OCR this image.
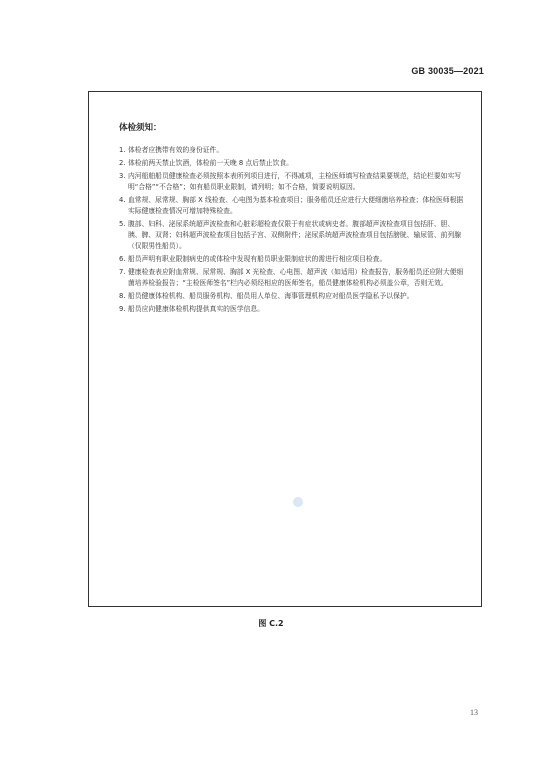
GB 30035—2021
体检须知：
1. 体检者应携带有效的身份证件。
2. 体检前两天禁止饮酒，体检前一天晚 8 点后禁止饮食。
3. 内河船舶船员健康检查必须按照本表所列项目进行，不得减项，主检医师填写检查结果要规范，结论栏要如实写明“合格”“不合格”；如有船员职业限制，请列明；如不合格，简要说明原因。
4. 血常规、尿常规、胸部 X 线检查、心电图为基本检查项目；服务船员还应进行大便细菌培养检查；体检医师根据实际健康检查情况可增加特殊检查。
5. 腹部、妇科、泌尿系统超声波检查和心脏彩超检查仅限于有症状或病史者。腹部超声波检查项目包括肝、胆、胰、脾、双肾；妇科超声波检查项目包括子宫、双侧附件；泌尿系统超声波检查项目包括膀胱、输尿管、前列腺（仅限男性船员）。
6. 船员声明有职业限制病史的或体检中发现有船员职业限制症状的需进行相应项目检查。
7. 健康检查表应附血常规、尿常规、胸部 X 光检查、心电图、超声波（如适用）检查报告，服务船员还应附大便细菌培养检验报告；“主检医师签名”栏内必须经相应的医师签名，船员健康体检机构必须盖公章，否则无效。
8. 船员健康体检机构、船员服务机构、船员用人单位、海事管理机构应对船员医学隐私予以保护。
9. 船员应向健康体检机构提供真实的医学信息。
图 C.2
13
